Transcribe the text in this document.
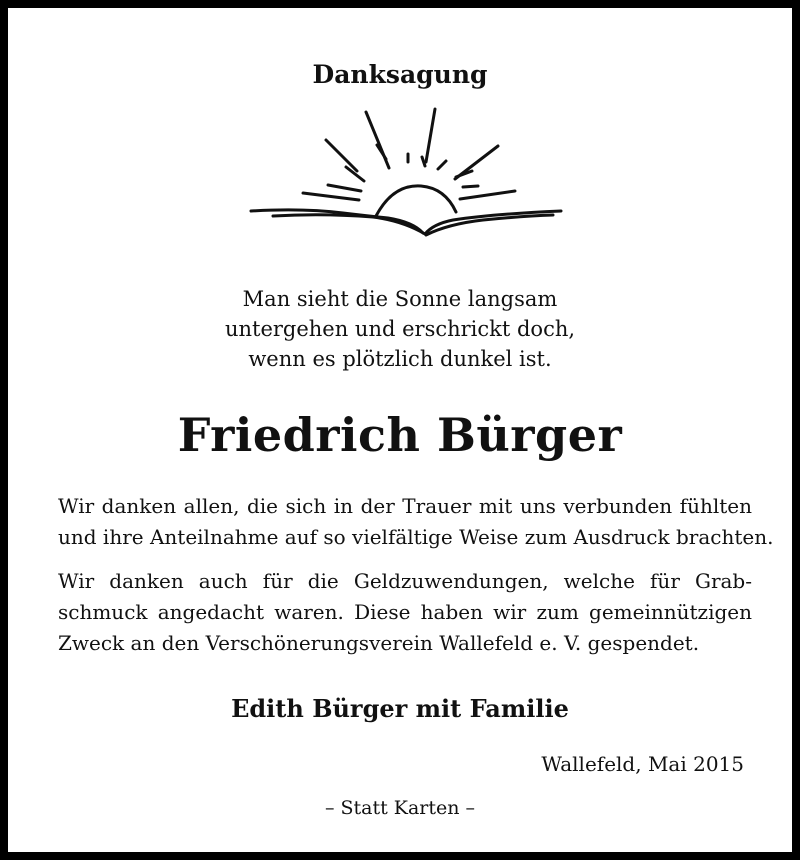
Danksagung
Man sieht die Sonne langsam
untergehen und erschrickt doch,
wenn es plötzlich dunkel ist.
Friedrich Bürger
Wir danken allen, die sich in der Trauer mit uns verbunden fühlten
und ihre Anteilnahme auf so vielfältige Weise zum Ausdruck brachten.
Wir danken auch für die Geldzuwendungen, welche für Grab-
schmuck angedacht waren. Diese haben wir zum gemeinnützigen
Zweck an den Verschönerungsverein Wallefeld e. V. gespendet.
Edith Bürger mit Familie
Wallefeld, Mai 2015
– Statt Karten –
